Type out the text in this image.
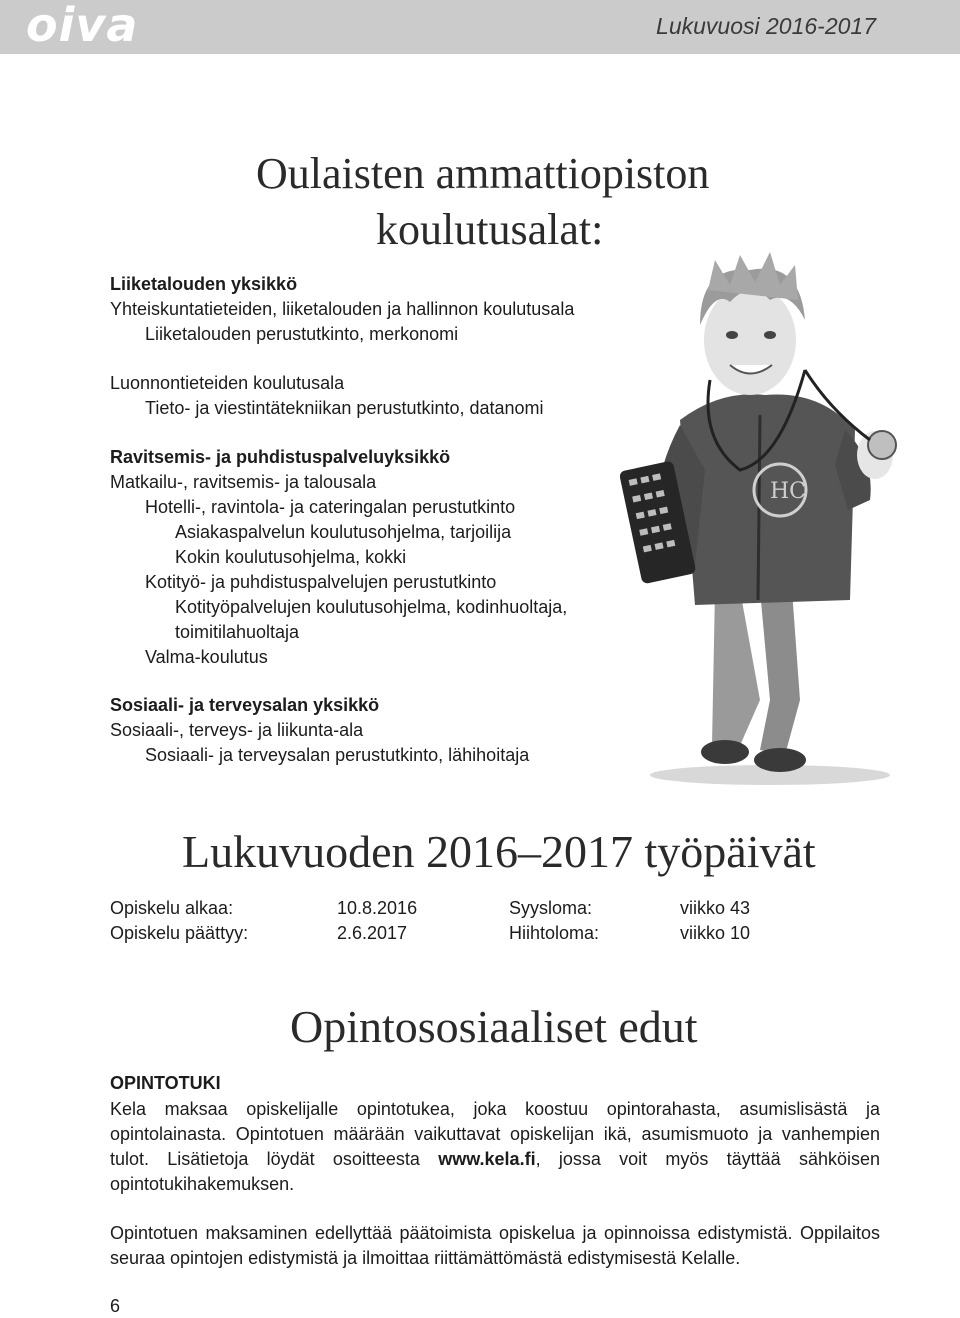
oiva	Lukuvuosi 2016-2017
Oulaisten ammattiopiston
koulutusalat:
Liiketalouden yksikkö
Yhteiskuntatieteiden, liiketalouden ja hallinnon koulutusala
Liiketalouden perustutkinto, merkonomi
Luonnontieteiden koulutusala
Tieto- ja viestintätekniikan perustutkinto, datanomi
Ravitsemis- ja puhdistuspalveluyksikkö
Matkailu-, ravitsemis- ja talousala
Hotelli-, ravintola- ja cateringalan perustutkinto
Asiakaspalvelun koulutusohjelma, tarjoilija
Kokin koulutusohjelma, kokki
Kotityö- ja puhdistuspalvelujen perustutkinto
Kotityöpalvelujen koulutusohjelma, kodinhuoltaja,
toimitilahuoltaja
Valma-koulutus
Sosiaali- ja terveysalan yksikkö
Sosiaali-, terveys- ja liikunta-ala
Sosiaali- ja terveysalan perustutkinto, lähihoitaja
HC
Lukuvuoden 2016–2017 työpäivät
Opiskelu alkaa:	10.8.2016	Syysloma:	viikko 43
Opiskelu päättyy:	2.6.2017	Hiihtoloma:	viikko 10
Opintososiaaliset edut
OPINTOTUKI
Kela maksaa opiskelijalle opintotukea, joka koostuu opintorahasta, asumislisästä ja opintolainasta. Opintotuen määrään vaikuttavat opiskelijan ikä, asumismuoto ja vanhempien tulot. Lisätietoja löydät osoitteesta www.kela.fi, jossa voit myös täyttää sähköisen opintotukihakemuksen.
Opintotuen maksaminen edellyttää päätoimista opiskelua ja opinnoissa edistymistä. Oppilaitos seuraa opintojen edistymistä ja ilmoittaa riittämättömästä edistymisestä Kelalle.
6
